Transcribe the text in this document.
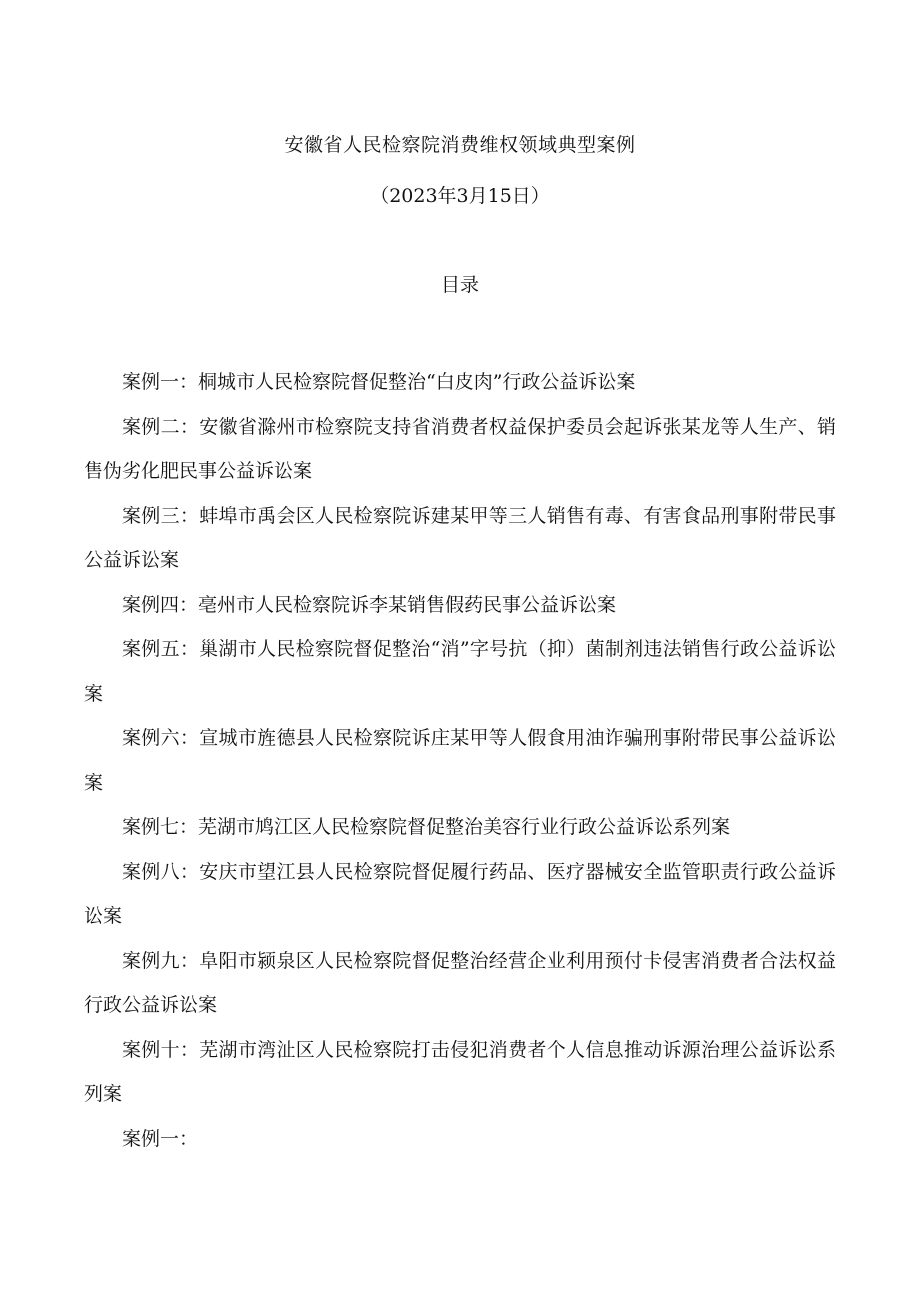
安徽省人民检察院消费维权领域典型案例
（2023年3月15日）
目录

案例一：桐城市人民检察院督促整治“白皮肉”行政公益诉讼案

案例二：安徽省滁州市检察院支持省消费者权益保护委员会起诉张某龙等人生产、销售伪劣化肥民事公益诉讼案

案例三：蚌埠市禹会区人民检察院诉建某甲等三人销售有毒、有害食品刑事附带民事公益诉讼案

案例四：亳州市人民检察院诉李某销售假药民事公益诉讼案

案例五：巢湖市人民检察院督促整治“消”字号抗（抑）菌制剂违法销售行政公益诉讼案

案例六：宣城市旌德县人民检察院诉庄某甲等人假食用油诈骗刑事附带民事公益诉讼案

案例七：芜湖市鸠江区人民检察院督促整治美容行业行政公益诉讼系列案

案例八：安庆市望江县人民检察院督促履行药品、医疗器械安全监管职责行政公益诉讼案

案例九：阜阳市颍泉区人民检察院督促整治经营企业利用预付卡侵害消费者合法权益行政公益诉讼案

案例十：芜湖市湾沚区人民检察院打击侵犯消费者个人信息推动诉源治理公益诉讼系列案

案例一：
